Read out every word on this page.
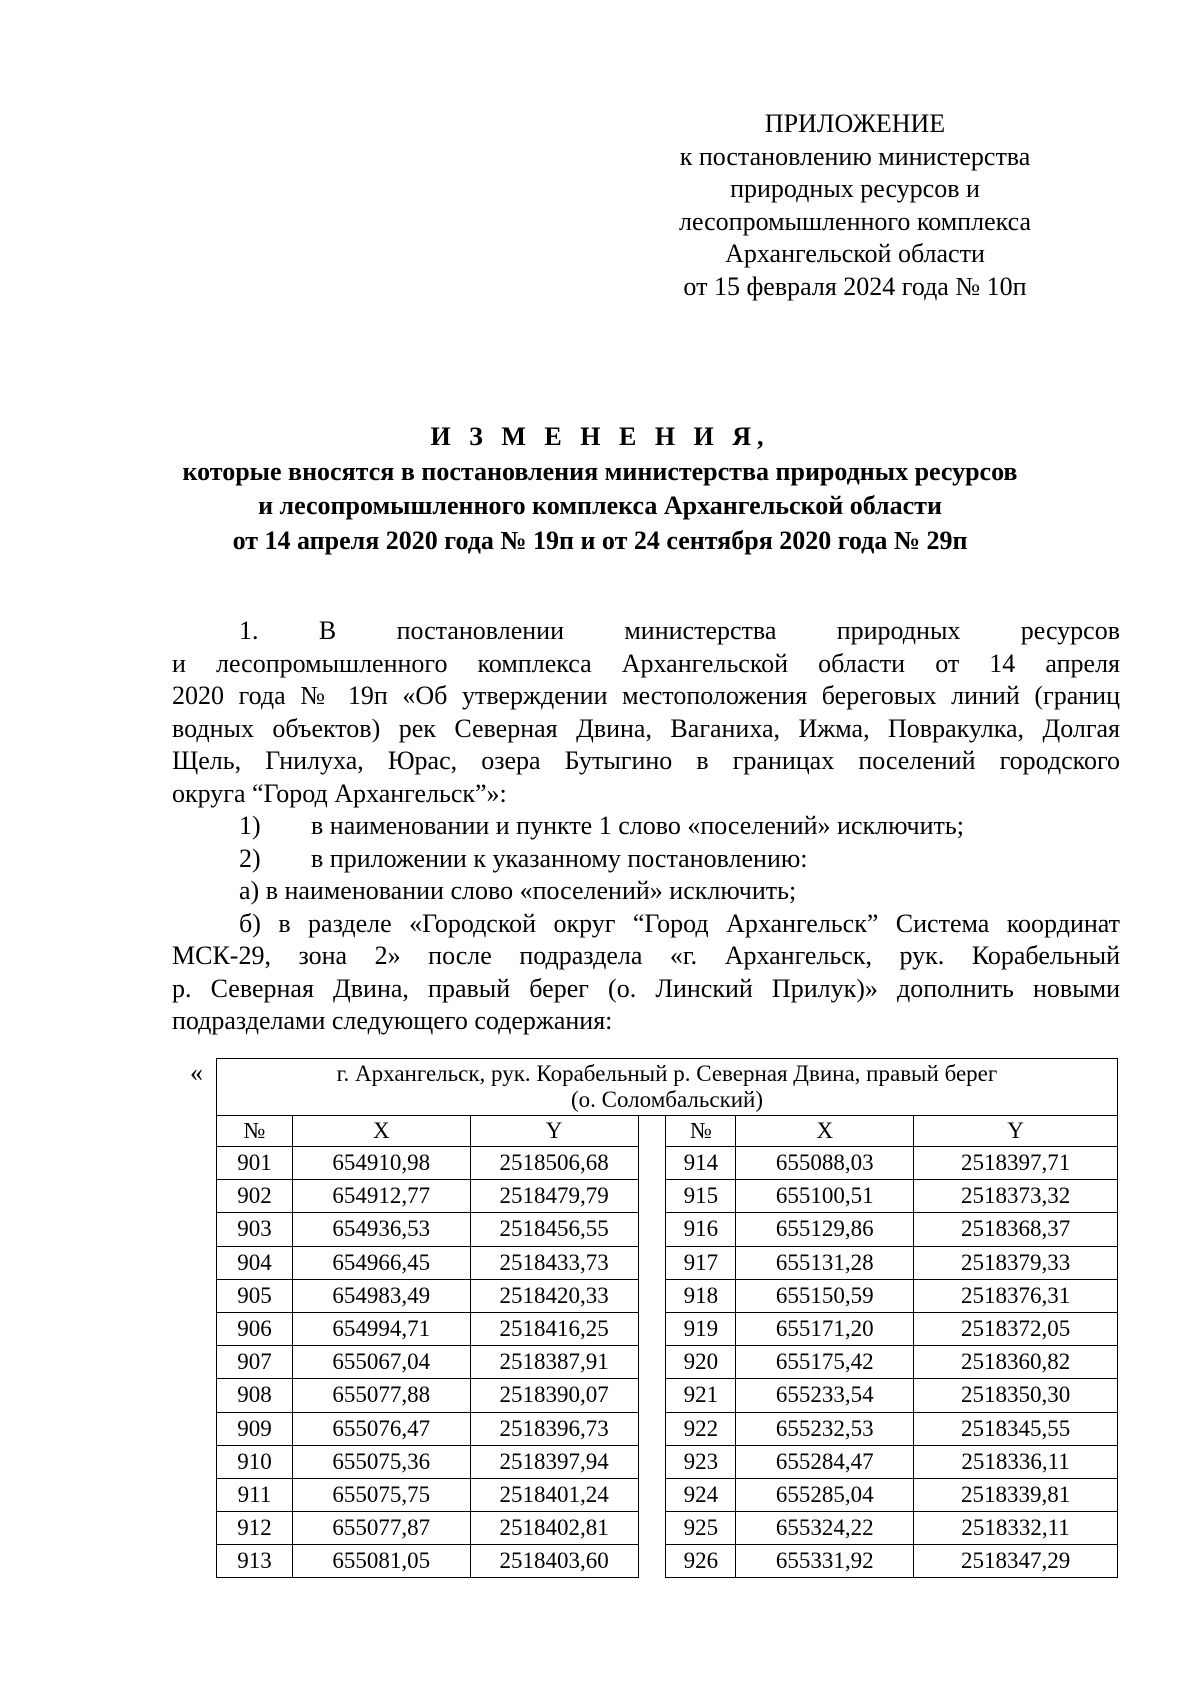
ПРИЛОЖЕНИЕ
к постановлению министерства
природных ресурсов и
лесопромышленного комплекса
Архангельской области
от 15 февраля 2024 года № 10п
И З М Е Н Е Н И Я,
которые вносятся в постановления министерства природных ресурсов
и лесопромышленного комплекса Архангельской области
от 14 апреля 2020 года № 19п и от 24 сентября 2020 года № 29п
1.      В      постановлении      министерства      природных      ресурсов
и лесопромышленного комплекса Архангельской области от 14 апреля
2020 года № 19п «Об утверждении местоположения береговых линий (границ
водных объектов) рек Северная Двина, Ваганиха, Ижма, Повракулка, Долгая
Щель, Гнилуха, Юрас, озера Бутыгино в границах поселений городского
округа “Город Архангельск”»:
1) в наименовании и пункте 1 слово «поселений» исключить;
2) в приложении к указанному постановлению:
а) в наименовании слово «поселений» исключить;
б) в разделе «Городской округ “Город Архангельск” Система координат
МСК-29, зона 2» после подраздела «г. Архангельск, рук. Корабельный
р. Северная Двина, правый берег (о. Линский Прилук)» дополнить новыми
подразделами следующего содержания:
«	г. Архангельск, рук. Корабельный р. Северная Двина, правый берег
(о. Соломбальский)						

№	X	Y		№	X	Y
901	654910,98	2518506,68		914	655088,03	2518397,71
902	654912,77	2518479,79		915	655100,51	2518373,32
903	654936,53	2518456,55		916	655129,86	2518368,37
904	654966,45	2518433,73		917	655131,28	2518379,33
905	654983,49	2518420,33		918	655150,59	2518376,31
906	654994,71	2518416,25		919	655171,20	2518372,05
907	655067,04	2518387,91		920	655175,42	2518360,82
908	655077,88	2518390,07		921	655233,54	2518350,30
909	655076,47	2518396,73		922	655232,53	2518345,55
910	655075,36	2518397,94		923	655284,47	2518336,11
911	655075,75	2518401,24		924	655285,04	2518339,81
912	655077,87	2518402,81		925	655324,22	2518332,11
913	655081,05	2518403,60		926	655331,92	2518347,29
